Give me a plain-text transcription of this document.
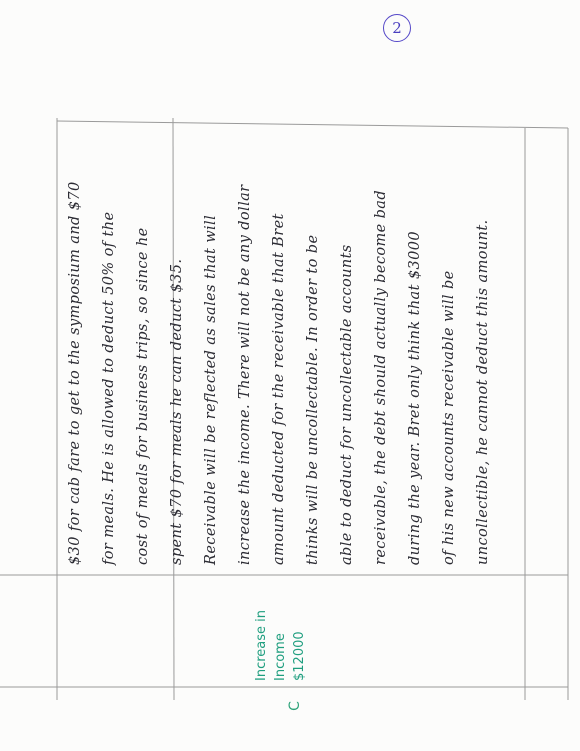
2
$30 for cab fare to get to the symposium and $70	for meals. He is allowed to deduct 50% of the	cost of meals for business trips, so since he	spent $70 for meals he can deduct $35.	Receivable will be reflected as sales that will	increase the income. There will not be any dollar	amount deducted for the receivable that Bret	thinks will be uncollectable. In order to be	able to deduct for uncollectable accounts	receivable, the debt should actually become bad	during the year. Bret only think that $3000	of his new accounts receivable will be	uncollectible, he cannot deduct this amount.
Increase in Income $12000
C
